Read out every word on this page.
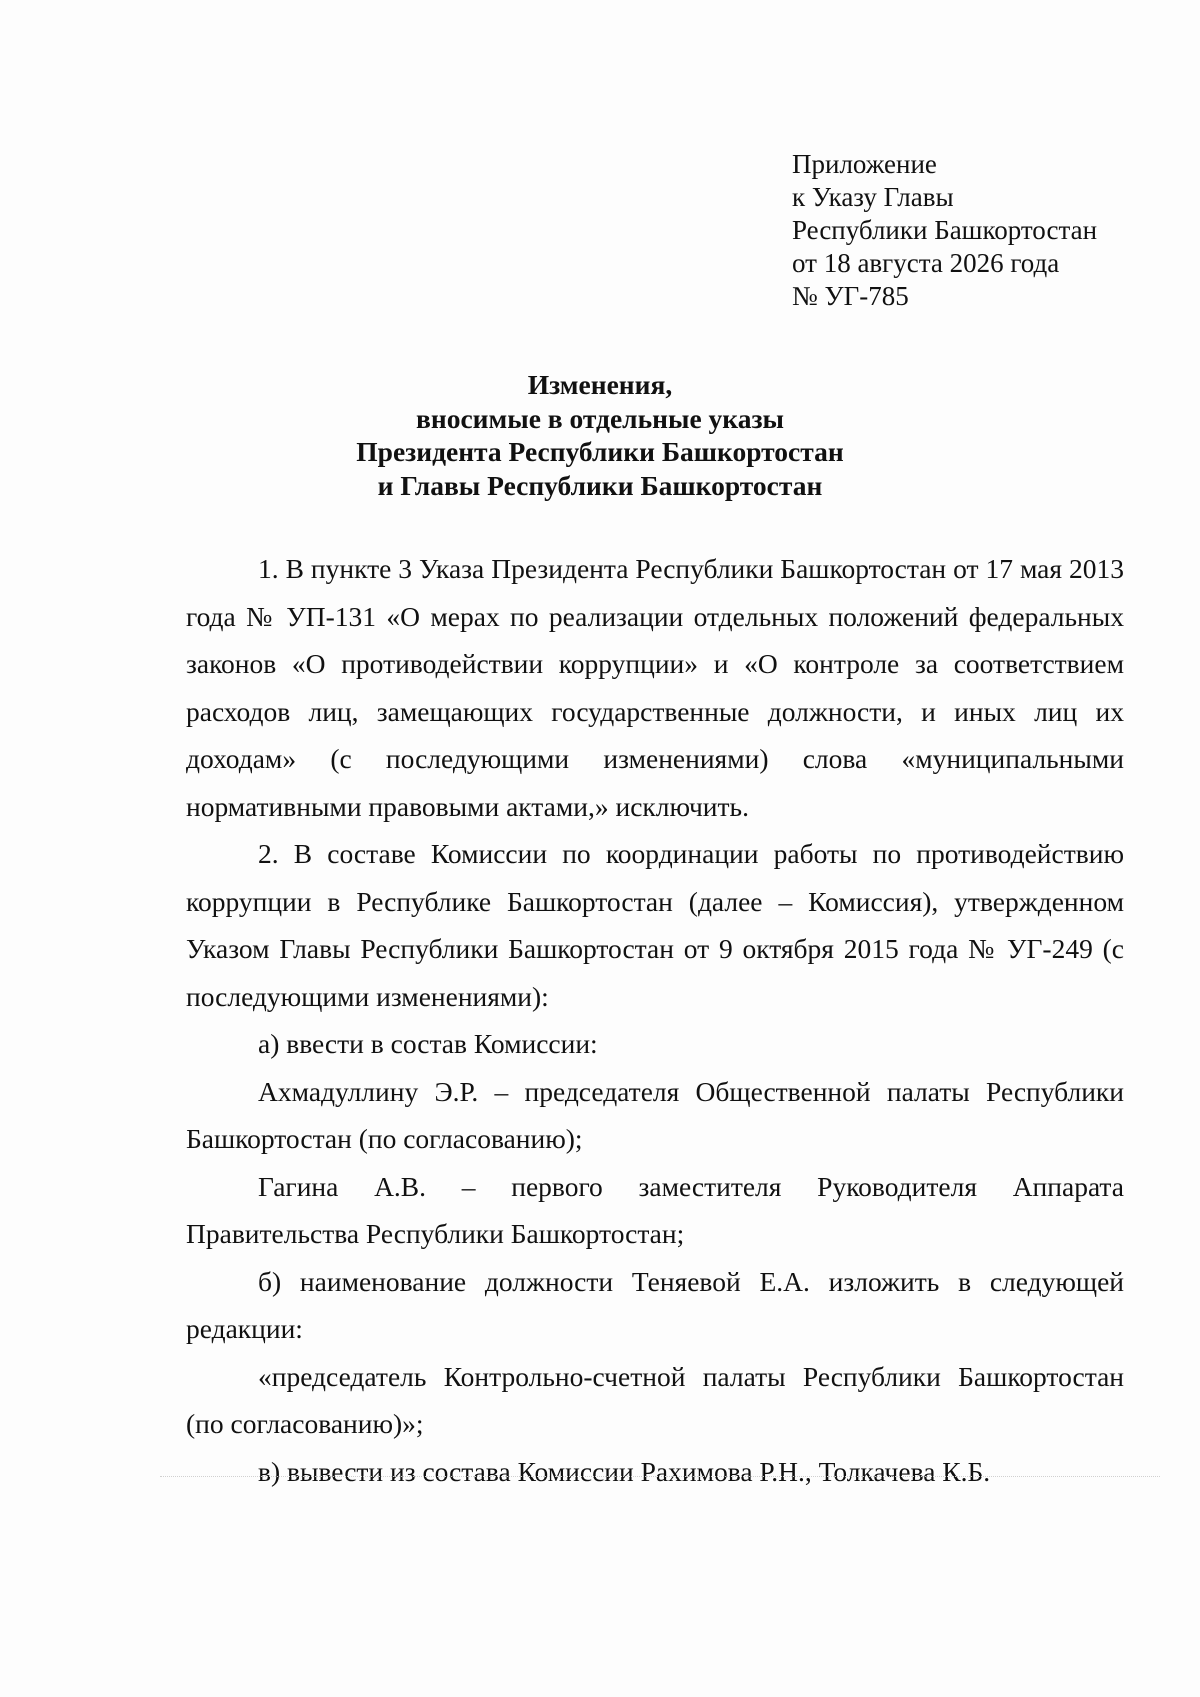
Приложение
к Указу Главы
Республики Башкортостан
от 18 августа 2026 года
№ УГ-785
Изменения,
вносимые в отдельные указы
Президента Республики Башкортостан
и Главы Республики Башкортостан

1. В пункте 3 Указа Президента Республики Башкортостан от 17 мая 2013 года № УП-131 «О мерах по реализации отдельных положений федеральных законов «О противодействии коррупции» и «О контроле за соответствием расходов лиц, замещающих государственные должности, и иных лиц их доходам» (с последующими изменениями) слова «муниципальными нормативными правовыми актами,» исключить.

2. В составе Комиссии по координации работы по противодействию коррупции в Республике Башкортостан (далее – Комиссия), утвержденном Указом Главы Республики Башкортостан от 9 октября 2015 года № УГ-249 (с последующими изменениями):

а) ввести в состав Комиссии:

Ахмадуллину Э.Р. – председателя Общественной палаты Республики Башкортостан (по согласованию);

Гагина А.В. – первого заместителя Руководителя Аппарата Правительства Республики Башкортостан;

б) наименование должности Теняевой Е.А. изложить в следующей редакции:

«председатель Контрольно-счетной палаты Республики Башкортостан (по согласованию)»;

в) вывести из состава Комиссии Рахимова Р.Н., Толкачева К.Б.
